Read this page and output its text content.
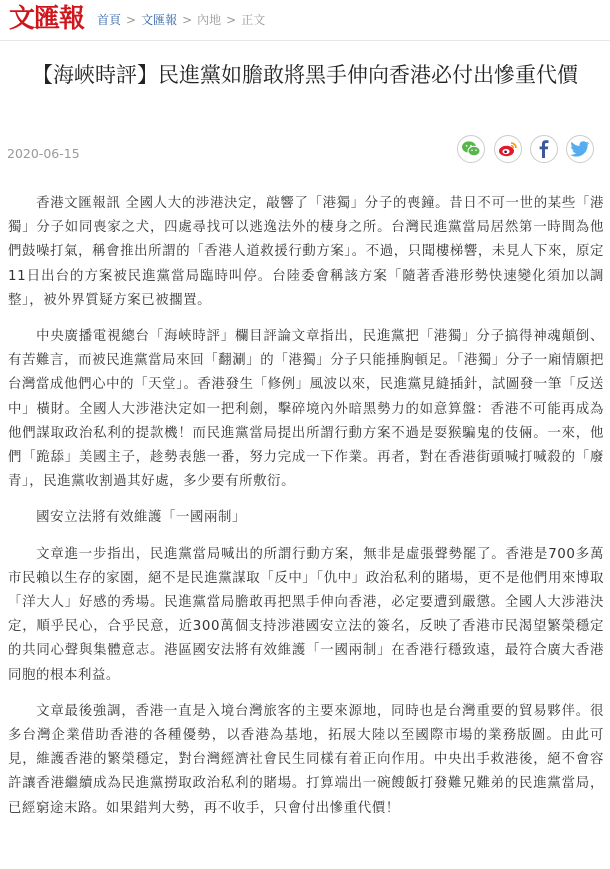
文匯報 首頁 > 文匯報 > 內地 > 正文
【海峽時評】民進黨如膽敢將黑手伸向香港必付出慘重代價
2020-06-15

香港文匯報訊 全國人大的涉港決定，敲響了「港獨」分子的喪鐘。昔日不可一世的某些「港獨」分子如同喪家之犬，四處尋找可以逃逸法外的棲身之所。台灣民進黨當局居然第一時間為他們鼓噪打氣，稱會推出所謂的「香港人道救援行動方案」。不過，只聞樓梯響，未見人下來，原定11日出台的方案被民進黨當局臨時叫停。台陸委會稱該方案「隨著香港形勢快速變化須加以調整」，被外界質疑方案已被擱置。

中央廣播電視總台「海峽時評」欄目評論文章指出，民進黨把「港獨」分子搞得神魂顛倒、有苦難言，而被民進黨當局來回「翻涮」的「港獨」分子只能捶胸頓足。「港獨」分子一廂情願把台灣當成他們心中的「天堂」。香港發生「修例」風波以來，民進黨見縫插針，試圖發一筆「反送中」橫財。全國人大涉港決定如一把利劍，擊碎境內外暗黑勢力的如意算盤：香港不可能再成為他們謀取政治私利的提款機！而民進黨當局提出所謂行動方案不過是耍猴騙鬼的伎倆。一來，他們「跪舔」美國主子，趁勢表態一番，努力完成一下作業。再者，對在香港街頭喊打喊殺的「廢青」，民進黨收割過其好處，多少要有所敷衍。

國安立法將有效維護「一國兩制」

文章進一步指出，民進黨當局喊出的所謂行動方案，無非是虛張聲勢罷了。香港是700多萬市民賴以生存的家園，絕不是民進黨謀取「反中」「仇中」政治私利的賭場，更不是他們用來博取「洋大人」好感的秀場。民進黨當局膽敢再把黑手伸向香港，必定要遭到嚴懲。全國人大涉港決定，順乎民心，合乎民意，近300萬個支持涉港國安立法的簽名，反映了香港市民渴望繁榮穩定的共同心聲與集體意志。港區國安法將有效維護「一國兩制」在香港行穩致遠，最符合廣大香港同胞的根本利益。

文章最後強調，香港一直是入境台灣旅客的主要來源地，同時也是台灣重要的貿易夥伴。很多台灣企業借助香港的各種優勢，以香港為基地，拓展大陸以至國際市場的業務版圖。由此可見，維護香港的繁榮穩定，對台灣經濟社會民生同樣有着正向作用。中央出手救港後，絕不會容許讓香港繼續成為民進黨撈取政治私利的賭場。打算端出一碗餿飯打發難兄難弟的民進黨當局，已經窮途末路。如果錯判大勢，再不收手，只會付出慘重代價！
